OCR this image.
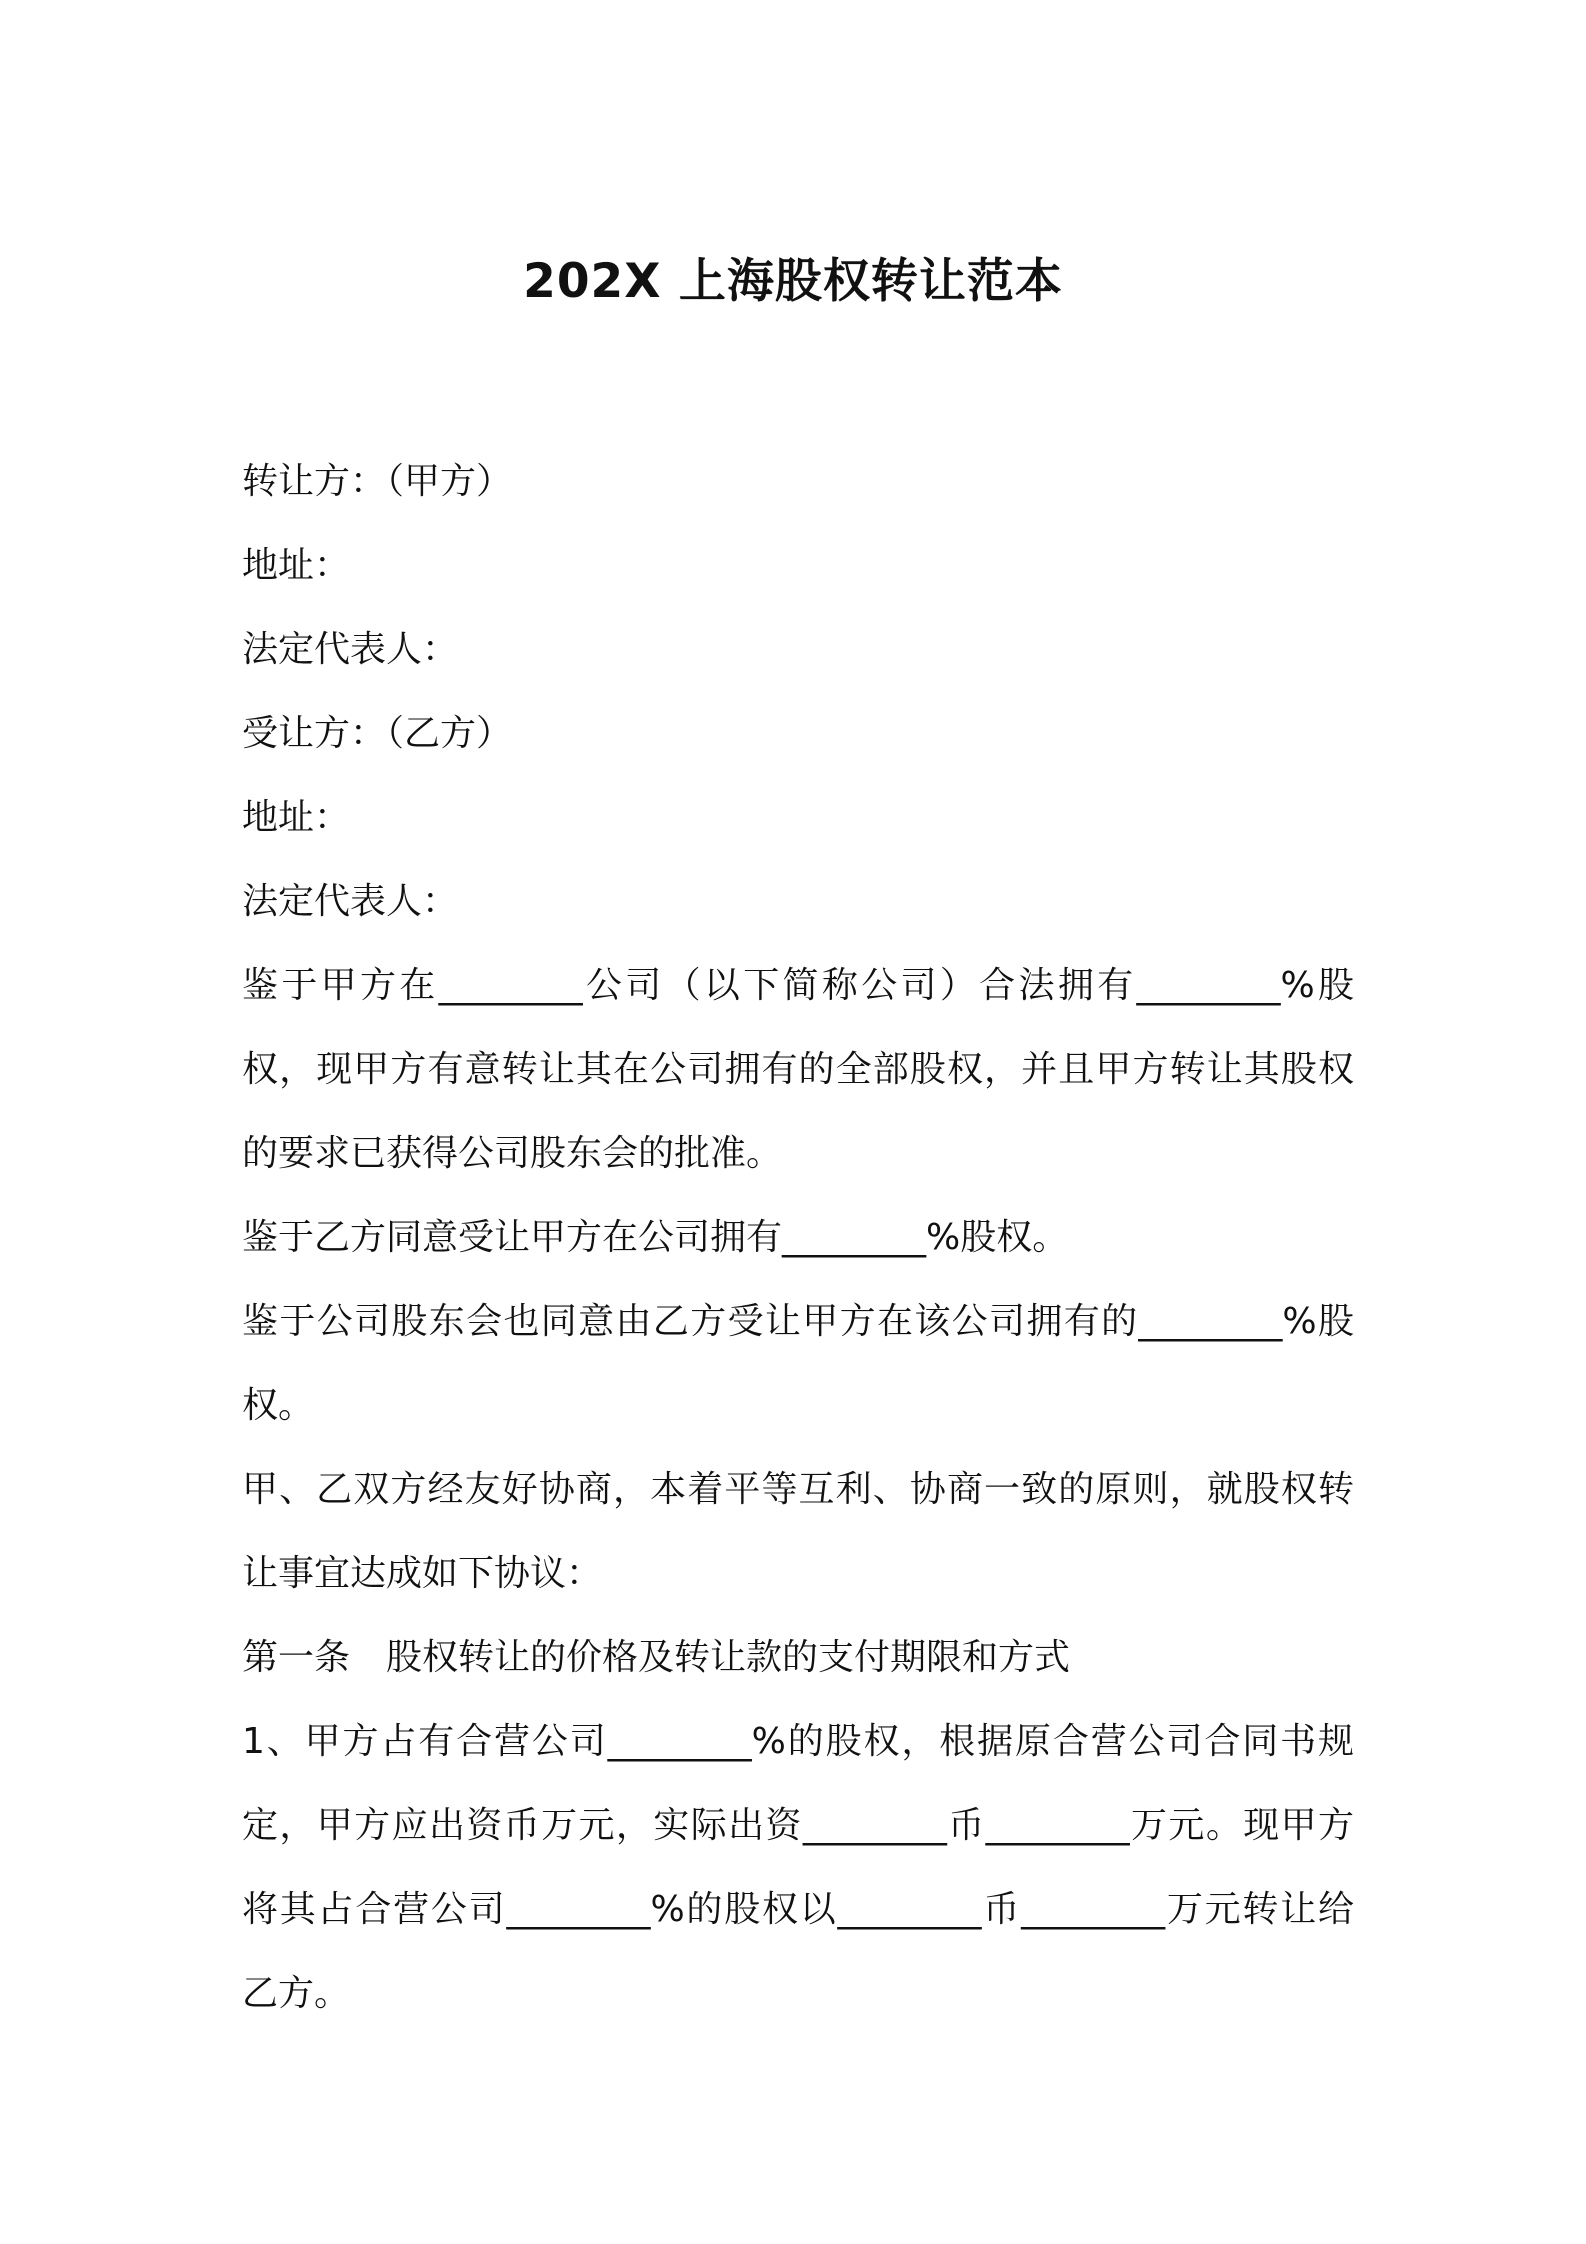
202X 上海股权转让范本
转让方：（甲方）
地址：
法定代表人：
受让方：（乙方）
地址：
法定代表人：
鉴于甲方在________公司（以下简称公司）合法拥有________%股权，现甲方有意转让其在公司拥有的全部股权，并且甲方转让其股权的要求已获得公司股东会的批准。
鉴于乙方同意受让甲方在公司拥有________%股权。
鉴于公司股东会也同意由乙方受让甲方在该公司拥有的________%股权。
甲、乙双方经友好协商，本着平等互利、协商一致的原则，就股权转让事宜达成如下协议：
第一条　股权转让的价格及转让款的支付期限和方式
1、甲方占有合营公司________%的股权，根据原合营公司合同书规定，甲方应出资币万元，实际出资________币________万元。现甲方将其占合营公司________%的股权以________币________万元转让给乙方。
